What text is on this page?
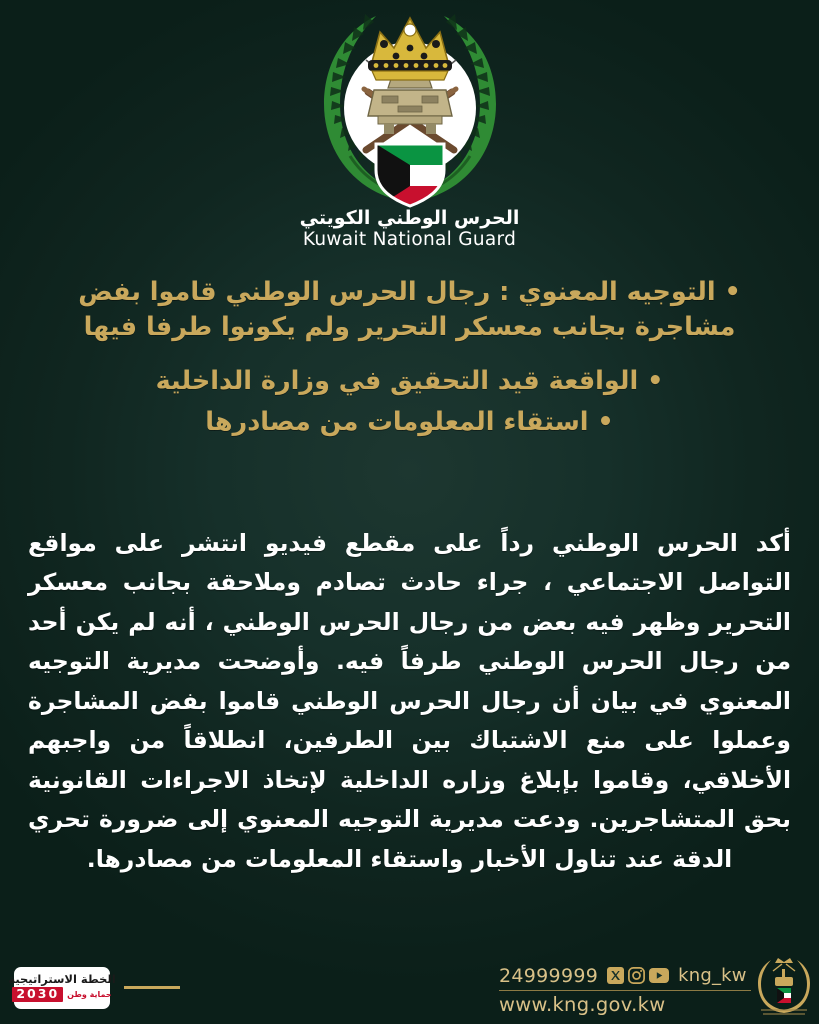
الحرس الوطني الكويتي
Kuwait National Guard

• التوجيه المعنوي : رجال الحرس الوطني قاموا بفض مشاجرة بجانب معسكر التحرير ولم يكونوا طرفا فيها

• الواقعة قيد التحقيق في وزارة الداخلية

• استقاء المعلومات من مصادرها

أكد الحرس الوطني رداً على مقطع فيديو انتشر على مواقع التواصل الاجتماعي ، جراء حادث تصادم وملاحقة بجانب معسكر التحرير وظهر فيه بعض من رجال الحرس الوطني ، أنه لم يكن أحد من رجال الحرس الوطني طرفاً فيه. وأوضحت مديرية التوجيه المعنوي في بيان أن رجال الحرس الوطني قاموا بفض المشاجرة وعملوا على منع الاشتباك بين الطرفين، انطلاقاً من واجبهم الأخلاقي، وقاموا بإبلاغ وزاره الداخلية لإتخاذ الاجراءات القانونية بحق المتشاجرين. ودعت مديرية التوجيه المعنوي إلى ضرورة تحري الدقة عند تناول الأخبار واستقاء المعلومات من مصادرها.
24999999	kng_kw
www.kng.gov.kw
الخطة الاستراتيجية
حماية وطن
2030
